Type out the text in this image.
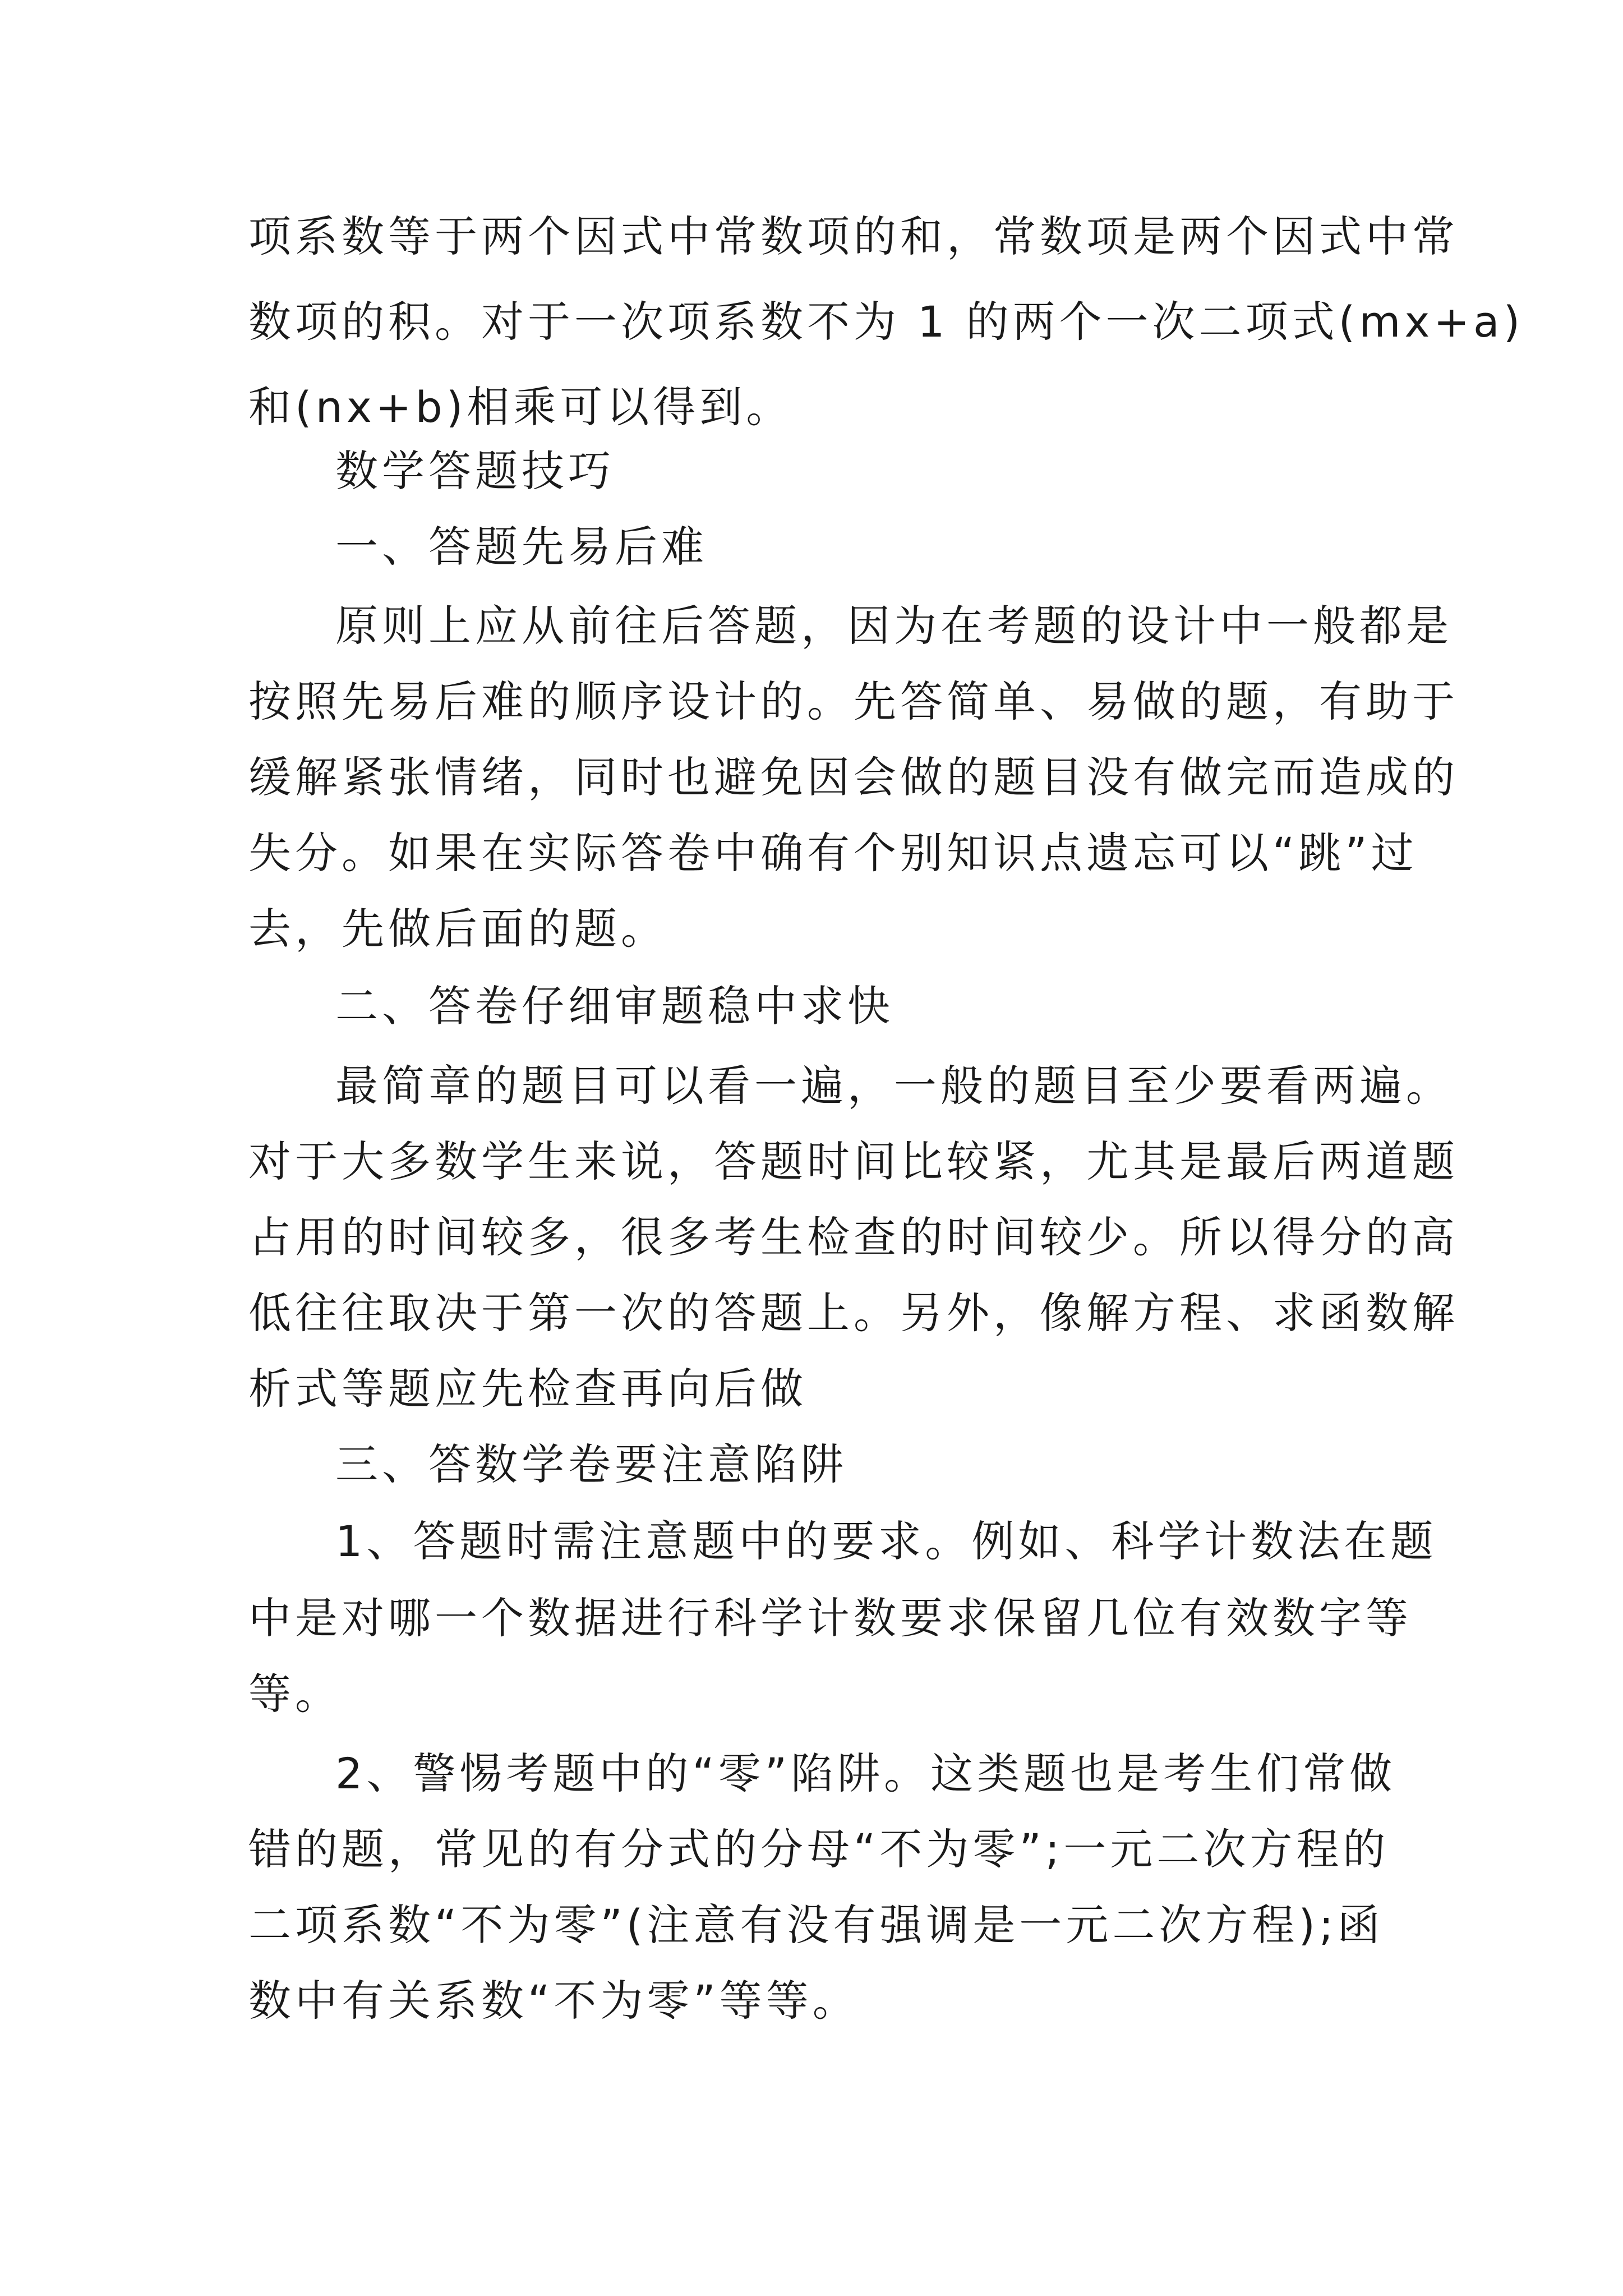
项系数等于两个因式中常数项的和，常数项是两个因式中常
数项的积。对于一次项系数不为 1 的两个一次二项式(mx+a)
和(nx+b)相乘可以得到。
数学答题技巧
一、答题先易后难
原则上应从前往后答题，因为在考题的设计中一般都是
按照先易后难的顺序设计的。先答简单、易做的题，有助于
缓解紧张情绪，同时也避免因会做的题目没有做完而造成的
失分。如果在实际答卷中确有个别知识点遗忘可以“跳”过
去，先做后面的题。
二、答卷仔细审题稳中求快
最简章的题目可以看一遍，一般的题目至少要看两遍。
对于大多数学生来说，答题时间比较紧，尤其是最后两道题
占用的时间较多，很多考生检查的时间较少。所以得分的高
低往往取决于第一次的答题上。另外，像解方程、求函数解
析式等题应先检查再向后做
三、答数学卷要注意陷阱
1、答题时需注意题中的要求。例如、科学计数法在题
中是对哪一个数据进行科学计数要求保留几位有效数字等
等。
2、警惕考题中的“零”陷阱。这类题也是考生们常做
错的题，常见的有分式的分母“不为零”;一元二次方程的
二项系数“不为零”(注意有没有强调是一元二次方程);函
数中有关系数“不为零”等等。
